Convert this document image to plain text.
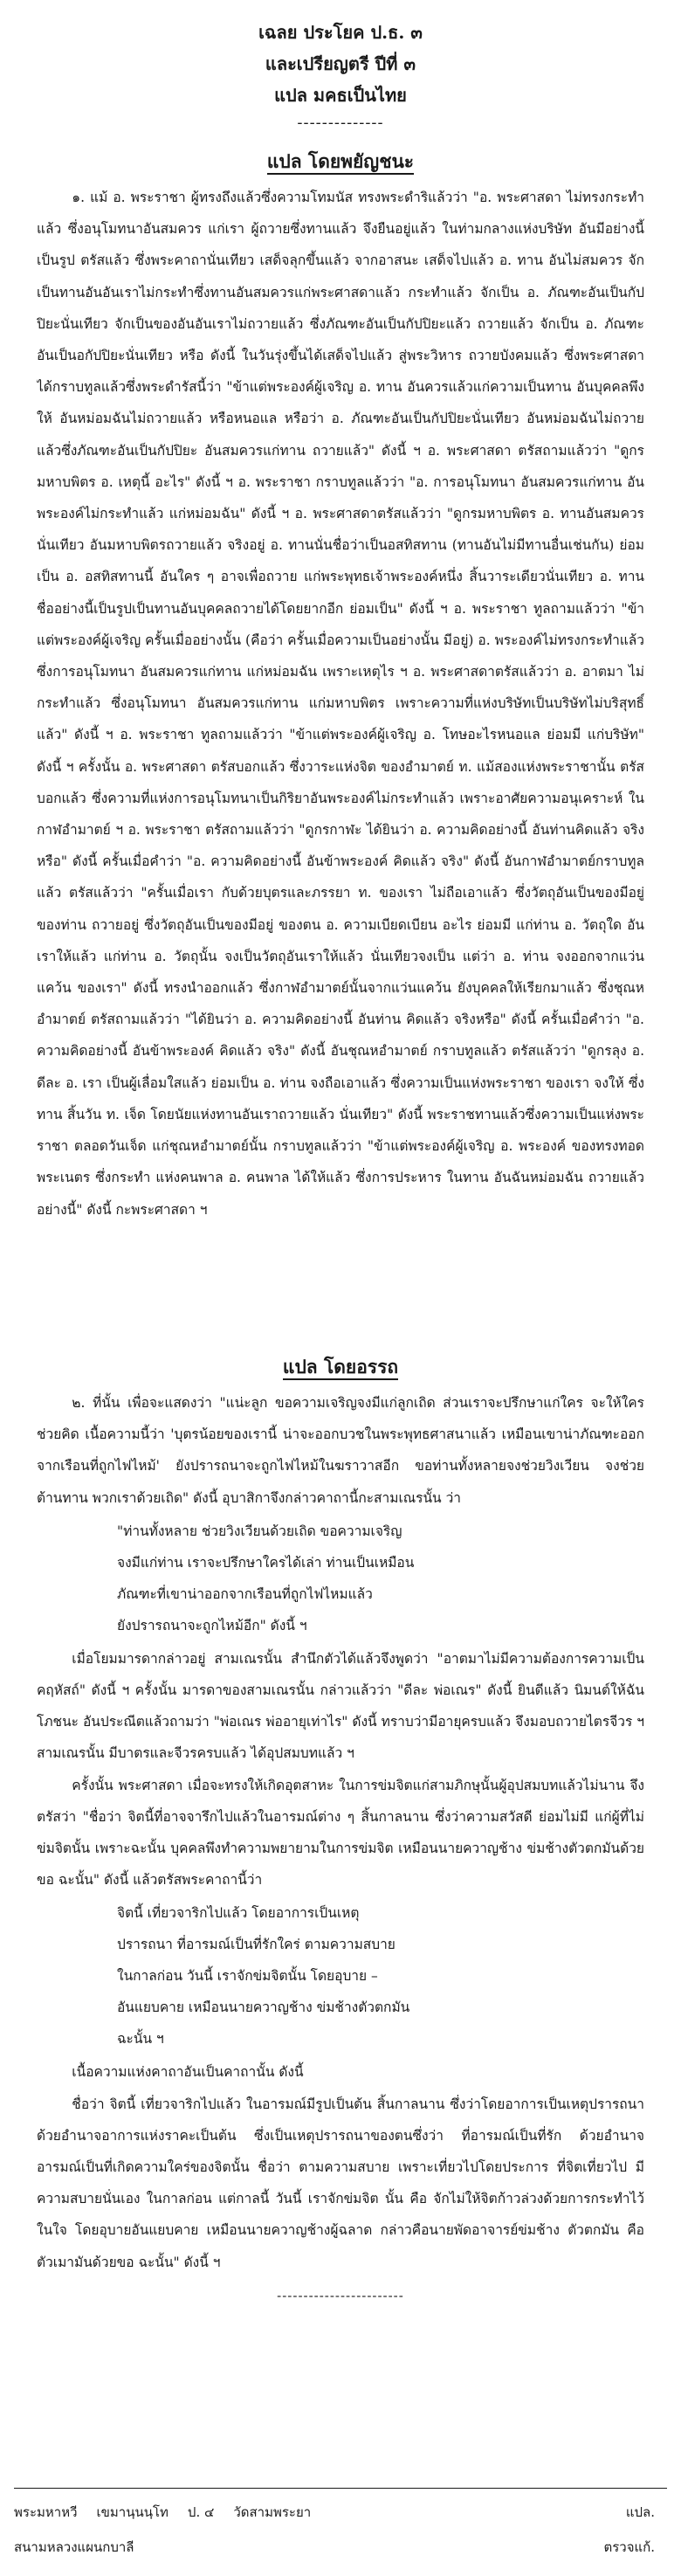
เฉลย ประโยค ป.ธ. ๓
และเปรียญตรี ปีที่ ๓
แปล มคธเป็นไทย
--------------
แปล โดยพยัญชนะ

๑. แม้ อ. พระราชา ผู้ทรงถึงแล้วซึ่งความโทมนัส ทรงพระดำริแล้วว่า "อ. พระศาสดา ไม่ทรงกระทำแล้ว ซึ่งอนุโมทนาอันสมควร แก่เรา ผู้ถวายซึ่งทานแล้ว จึงยืนอยู่แล้ว ในท่ามกลางแห่งบริษัท อันมีอย่างนี้เป็นรูป ตรัสแล้ว ซึ่งพระคาถานั่นเทียว เสด็จลุกขึ้นแล้ว จากอาสนะ เสด็จไปแล้ว อ. ทาน อันไม่สมควร จักเป็นทานอันอันเราไม่กระทำซึ่งทานอันสมควรแก่พระศาสดาแล้ว กระทำแล้ว จักเป็น อ. ภัณฑะอันเป็นกัปปิยะนั่นเทียว จักเป็นของอันอันเราไม่ถวายแล้ว ซึ่งภัณฑะอันเป็นกัปปิยะแล้ว ถวายแล้ว จักเป็น อ. ภัณฑะอันเป็นอกัปปิยะนั่นเทียว หรือ ดังนี้ ในวันรุ่งขึ้นได้เสด็จไปแล้ว สู่พระวิหาร ถวายบังคมแล้ว ซึ่งพระศาสดา ได้กราบทูลแล้วซึ่งพระดำรัสนี้ว่า "ข้าแต่พระองค์ผู้เจริญ อ. ทาน อันควรแล้วแก่ความเป็นทาน อันบุคคลพึงให้ อันหม่อมฉันไม่ถวายแล้ว หรือหนอแล หรือว่า อ. ภัณฑะอันเป็นกัปปิยะนั่นเทียว อันหม่อมฉันไม่ถวายแล้วซึ่งภัณฑะอันเป็นกัปปิยะ อันสมควรแก่ทาน ถวายแล้ว" ดังนี้ ฯ อ. พระศาสดา ตรัสถามแล้วว่า "ดูกรมหาบพิตร อ. เหตุนี้ อะไร" ดังนี้ ฯ อ. พระราชา กราบทูลแล้วว่า "อ. การอนุโมทนา อันสมควรแก่ทาน อันพระองค์ไม่กระทำแล้ว แก่หม่อมฉัน" ดังนี้ ฯ อ. พระศาสดาตรัสแล้วว่า "ดูกรมหาบพิตร อ. ทานอันสมควรนั่นเทียว อันมหาบพิตรถวายแล้ว จริงอยู่ อ. ทานนั่นชื่อว่าเป็นอสทิสทาน (ทานอันไม่มีทานอื่นเช่นกัน) ย่อมเป็น อ. อสทิสทานนี้ อันใคร ๆ อาจเพื่อถวาย แก่พระพุทธเจ้าพระองค์หนึ่ง สิ้นวาระเดียวนั่นเทียว อ. ทาน ชื่ออย่างนี้เป็นรูปเป็นทานอันบุคคลถวายได้โดยยากอีก ย่อมเป็น" ดังนี้ ฯ อ. พระราชา ทูลถามแล้วว่า "ข้าแต่พระองค์ผู้เจริญ ครั้นเมื่ออย่างนั้น (คือว่า ครั้นเมื่อความเป็นอย่างนั้น มีอยู่) อ. พระองค์ไม่ทรงกระทำแล้ว ซึ่งการอนุโมทนา อันสมควรแก่ทาน แก่หม่อมฉัน เพราะเหตุไร ฯ อ. พระศาสดาตรัสแล้วว่า อ. อาตมา ไม่กระทำแล้ว ซึ่งอนุโมทนา อันสมควรแก่ทาน แก่มหาบพิตร เพราะความที่แห่งบริษัทเป็นบริษัทไม่บริสุทธิ์แล้ว" ดังนี้ ฯ อ. พระราชา ทูลถามแล้วว่า "ข้าแต่พระองค์ผู้เจริญ อ. โทษอะไรหนอแล ย่อมมี แก่บริษัท" ดังนี้ ฯ ครั้งนั้น อ. พระศาสดา ตรัสบอกแล้ว ซึ่งวาระแห่งจิต ของอำมาตย์ ท. แม้สองแห่งพระราชานั้น ตรัสบอกแล้ว ซึ่งความที่แห่งการอนุโมทนาเป็นกิริยาอันพระองค์ไม่กระทำแล้ว เพราะอาศัยความอนุเคราะห์ ในกาฬอำมาตย์ ฯ อ. พระราชา ตรัสถามแล้วว่า "ดูกรกาฬะ ได้ยินว่า อ. ความคิดอย่างนี้ อันท่านคิดแล้ว จริงหรือ" ดังนี้ ครั้นเมื่อคำว่า "อ. ความคิดอย่างนี้ อันข้าพระองค์ คิดแล้ว จริง" ดังนี้ อันกาฬอำมาตย์กราบทูลแล้ว ตรัสแล้วว่า "ครั้นเมื่อเรา กับด้วยบุตรและภรรยา ท. ของเรา ไม่ถือเอาแล้ว ซึ่งวัตถุอันเป็นของมีอยู่ ของท่าน ถวายอยู่ ซึ่งวัตถุอันเป็นของมีอยู่ ของตน อ. ความเบียดเบียน อะไร ย่อมมี แก่ท่าน อ. วัตถุใด อันเราให้แล้ว แก่ท่าน อ. วัตถุนั้น จงเป็นวัตถุอันเราให้แล้ว นั่นเทียวจงเป็น แต่ว่า อ. ท่าน จงออกจากแว่นแคว้น ของเรา" ดังนี้ ทรงนำออกแล้ว ซึ่งกาฬอำมาตย์นั้นจากแว่นแคว้น ยังบุคคลให้เรียกมาแล้ว ซึ่งชุณหอำมาตย์ ตรัสถามแล้วว่า "ได้ยินว่า อ. ความคิดอย่างนี้ อันท่าน คิดแล้ว จริงหรือ" ดังนี้ ครั้นเมื่อคำว่า "อ. ความคิดอย่างนี้ อันข้าพระองค์ คิดแล้ว จริง" ดังนี้ อันชุณหอำมาตย์ กราบทูลแล้ว ตรัสแล้วว่า "ดูกรลุง อ. ดีละ อ. เรา เป็นผู้เลื่อมใสแล้ว ย่อมเป็น อ. ท่าน จงถือเอาแล้ว ซึ่งความเป็นแห่งพระราชา ของเรา จงให้ ซึ่งทาน สิ้นวัน ท. เจ็ด โดยนัยแห่งทานอันเราถวายแล้ว นั่นเทียว" ดังนี้ พระราชทานแล้วซึ่งความเป็นแห่งพระราชา ตลอดวันเจ็ด แก่ชุณหอำมาตย์นั้น กราบทูลแล้วว่า "ข้าแต่พระองค์ผู้เจริญ อ. พระองค์ ของทรงทอดพระเนตร ซึ่งกระทำ แห่งคนพาล อ. คนพาล ได้ให้แล้ว ซึ่งการประหาร ในทาน อันฉันหม่อมฉัน ถวายแล้ว อย่างนี้" ดังนี้ กะพระศาสดา ฯ

แปล โดยอรรถ

๒. ที่นั้น เพื่อจะแสดงว่า "แน่ะลูก ขอความเจริญจงมีแก่ลูกเถิด ส่วนเราจะปรึกษาแก่ใคร จะให้ใครช่วยคิด เนื้อความนี้ว่า 'บุตรน้อยของเรานี้ น่าจะออกบวชในพระพุทธศาสนาแล้ว เหมือนเขาน่าภัณฑะออกจากเรือนที่ถูกไฟไหม้' ยังปรารถนาจะถูกไฟไหม้ในฆราวาสอีก ขอท่านทั้งหลายจงช่วยวิงเวียน จงช่วยต้านทาน พวกเราด้วยเถิด" ดังนี้ อุบาสิกาจึงกล่าวคาถานี้กะสามเณรนั้น ว่า

"ท่านทั้งหลาย ช่วยวิงเวียนด้วยเถิด ขอความเจริญ

จงมีแก่ท่าน เราจะปรึกษาใครได้เล่า ท่านเป็นเหมือน

ภัณฑะที่เขาน่าออกจากเรือนที่ถูกไฟไหมแล้ว

ยังปรารถนาจะถูกไหม้อีก" ดังนี้ ฯ

เมื่อโยมมารดากล่าวอยู่ สามเณรนั้น สำนึกตัวได้แล้วจึงพูดว่า "อาตมาไม่มีความต้องการความเป็นคฤหัสถ์" ดังนี้ ฯ ครั้งนั้น มารดาของสามเณรนั้น กล่าวแล้วว่า "ดีละ พ่อเณร" ดังนี้ ยินดีแล้ว นิมนต์ให้ฉันโภชนะ อันประณีตแล้วถามว่า "พ่อเณร พ่ออายุเท่าไร" ดังนี้ ทราบว่ามีอายุครบแล้ว จึงมอบถวายไตรจีวร ฯ สามเณรนั้น มีบาตรและจีวรครบแล้ว ได้อุปสมบทแล้ว ฯ

ครั้งนั้น พระศาสดา เมื่อจะทรงให้เกิดอุตสาหะ ในการข่มจิตแก่สามภิกษุนั้นผู้อุปสมบทแล้วไม่นาน จึงตรัสว่า "ชื่อว่า จิตนี้ที่อาจจารึกไปแล้วในอารมณ์ต่าง ๆ สิ้นกาลนาน ซึ่งว่าความสวัสดี ย่อมไม่มี แก่ผู้ที่ไม่ข่มจิตนั้น เพราะฉะนั้น บุคคลพึงทำความพยายามในการข่มจิต เหมือนนายควาญช้าง ข่มช้างตัวตกมันด้วยขอ ฉะนั้น" ดังนี้ แล้วตรัสพระคาถานี้ว่า

จิตนี้ เที่ยวจาริกไปแล้ว โดยอาการเป็นเหตุ

ปรารถนา ที่อารมณ์เป็นที่รักใคร่ ตามความสบาย

ในกาลก่อน วันนี้ เราจักข่มจิตนั้น โดยอุบาย –

อันแยบคาย เหมือนนายควาญช้าง ข่มช้างตัวตกมัน

ฉะนั้น ฯ

เนื้อความแห่งคาถาอันเป็นคาถานั้น ดังนี้

ชื่อว่า จิตนี้ เที่ยวจาริกไปแล้ว ในอารมณ์มีรูปเป็นต้น สิ้นกาลนาน ซึ่งว่าโดยอาการเป็นเหตุปรารถนา ด้วยอำนาจอาการแห่งราคะเป็นต้น ซึ่งเป็นเหตุปรารถนาของตนซึ่งว่า ที่อารมณ์เป็นที่รัก ด้วยอำนาจอารมณ์เป็นที่เกิดความใคร่ของจิตนั้น ชื่อว่า ตามความสบาย เพราะเที่ยวไปโดยประการ ที่จิตเที่ยวไป มีความสบายนั่นเอง ในกาลก่อน แต่กาลนี้ วันนี้ เราจักข่มจิต นั้น คือ จักไม่ให้จิตก้าวล่วงด้วยการกระทำไว้ในใจ โดยอุบายอันแยบคาย เหมือนนายควาญช้างผู้ฉลาด กล่าวคือนายพัดอาจารย์ข่มช้าง ตัวตกมัน คือ ตัวเมามันด้วยขอ ฉะนั้น" ดังนี้ ฯ

------------------------
พระมหาหวี เขมานฺนนฺโท ป. ๔ วัดสามพระยา	แปล.
สนามหลวงแผนกบาลี	ตรวจแก้.
